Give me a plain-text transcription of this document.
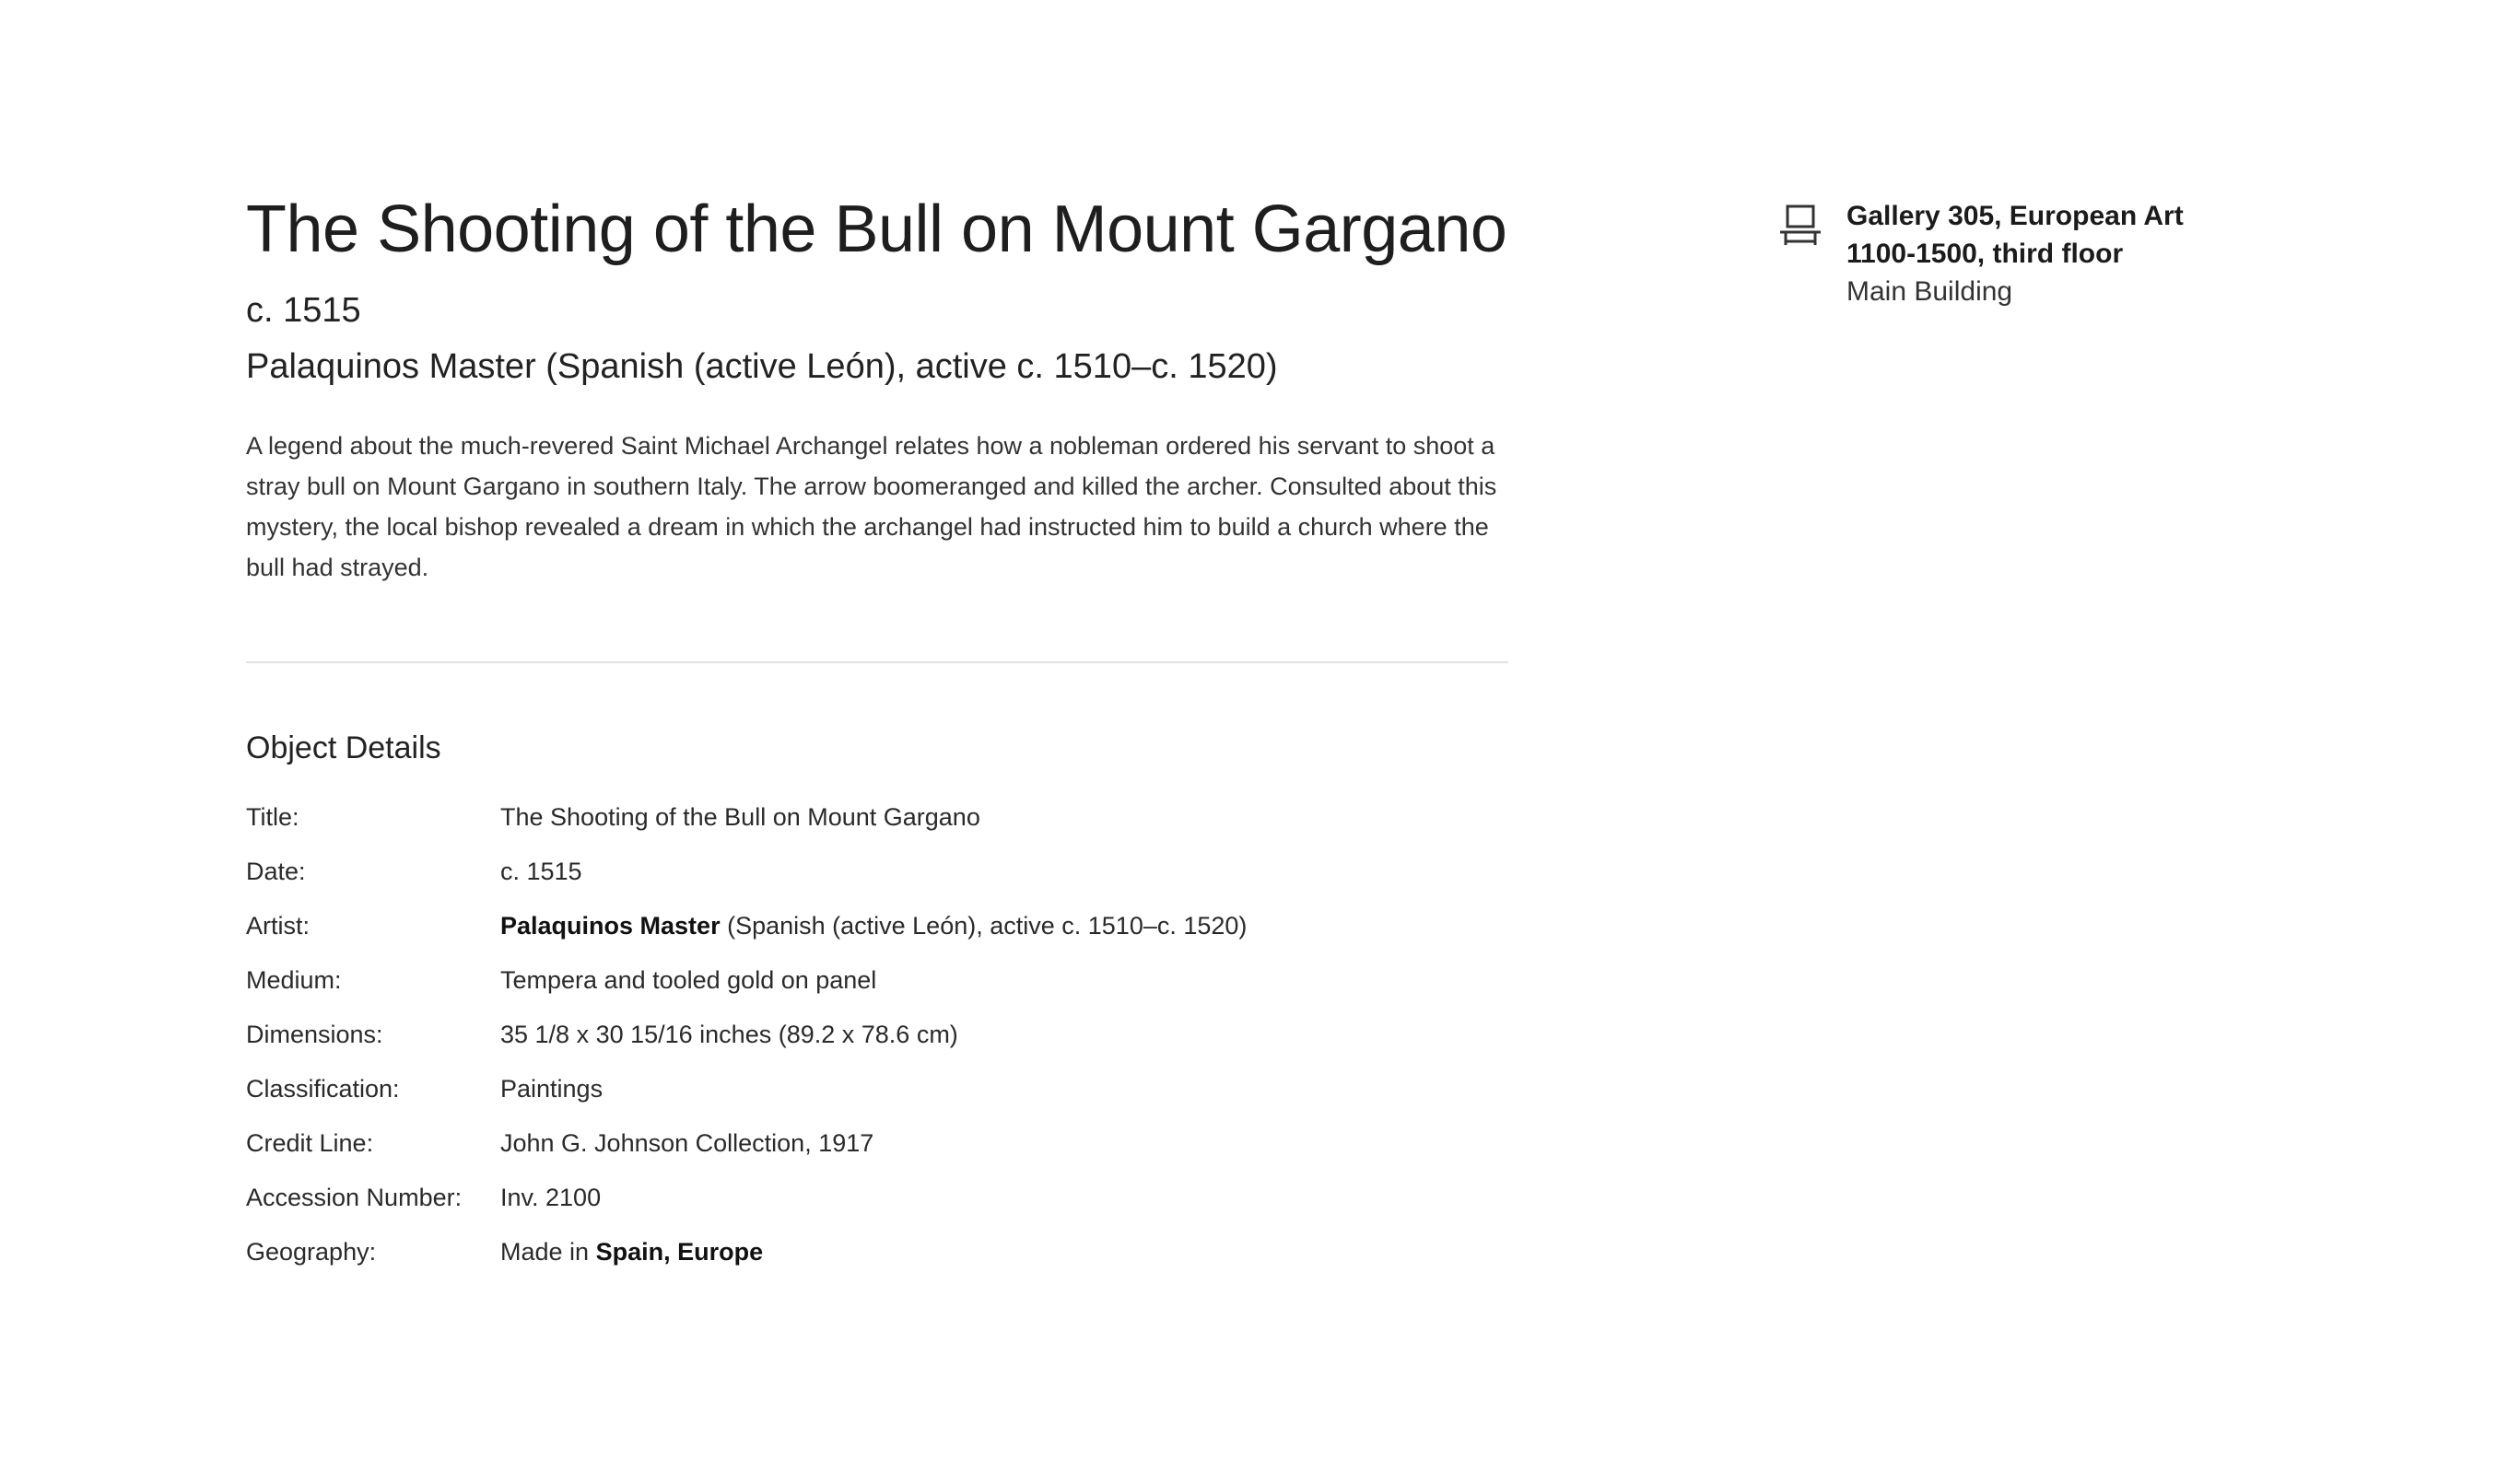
The Shooting of the Bull on Mount Gargano
c. 1515
Palaquinos Master (Spanish (active León), active c. 1510–c. 1520)

A legend about the much-revered Saint Michael Archangel relates how a nobleman ordered his servant to shoot a stray bull on Mount Gargano in southern Italy. The arrow boomeranged and killed the archer. Consulted about this mystery, the local bishop revealed a dream in which the archangel had instructed him to build a church where the bull had strayed.

Object Details
Title:	The Shooting of the Bull on Mount Gargano
Date:	c. 1515
Artist:	Palaquinos Master (Spanish (active León), active c. 1510–c. 1520)
Medium:	Tempera and tooled gold on panel
Dimensions:	35 1/8 x 30 15/16 inches (89.2 x 78.6 cm)
Classification:	Paintings
Credit Line:	John G. Johnson Collection, 1917
Accession Number:	Inv. 2100
Geography:	Made in Spain, Europe
Gallery 305, European Art 1100-1500, third floor
Main Building
